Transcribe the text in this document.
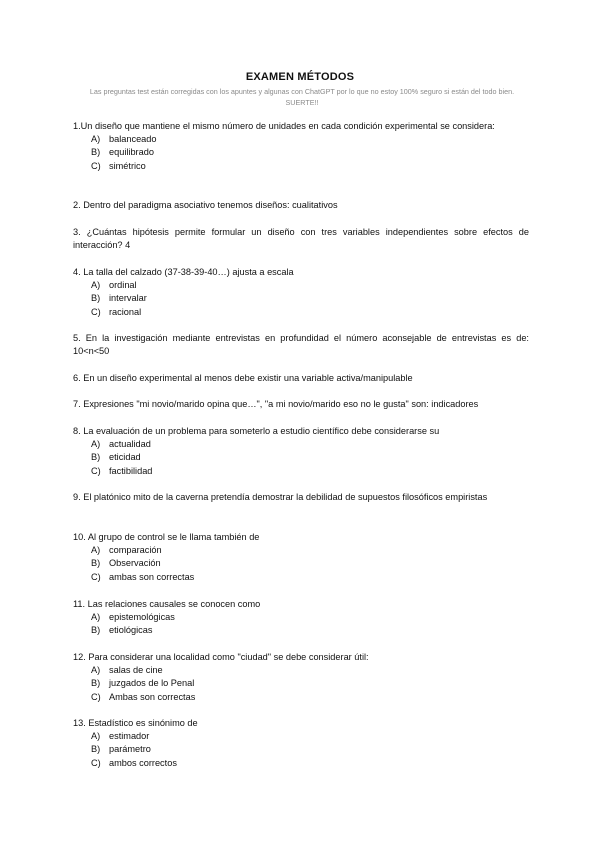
EXAMEN MÉTODOS
Las preguntas test están corregidas con los apuntes y algunas con ChatGPT por lo que no estoy 100% seguro si están del todo bien. SUERTE!!
1.Un diseño que mantiene el mismo número de unidades en cada condición experimental se considera:
A) balanceado
B) equilibrado
C) simétrico
2. Dentro del paradigma asociativo tenemos diseños: cualitativos
3. ¿Cuántas hipótesis permite formular un diseño con tres variables independientes sobre efectos de interacción? 4
4. La talla del calzado (37-38-39-40…) ajusta a escala
A) ordinal
B) intervalar
C) racional
5. En la investigación mediante entrevistas en profundidad el número aconsejable de entrevistas es de: 10<n<50
6. En un diseño experimental al menos debe existir una variable activa/manipulable
7. Expresiones "mi novio/marido opina que…", "a mi novio/marido eso no le gusta" son: indicadores
8. La evaluación de un problema para someterlo a estudio científico debe considerarse su
A) actualidad
B) eticidad
C) factibilidad
9. El platónico mito de la caverna pretendía demostrar la debilidad de supuestos filosóficos empiristas
10. Al grupo de control se le llama también de
A) comparación
B) Observación
C) ambas son correctas
11. Las relaciones causales se conocen como
A) epistemológicas
B) etiológicas
12. Para considerar una localidad como "ciudad" se debe considerar útil:
A) salas de cine
B) juzgados de lo Penal
C) Ambas son correctas
13. Estadístico es sinónimo de
A) estimador
B) parámetro
C) ambos correctos
